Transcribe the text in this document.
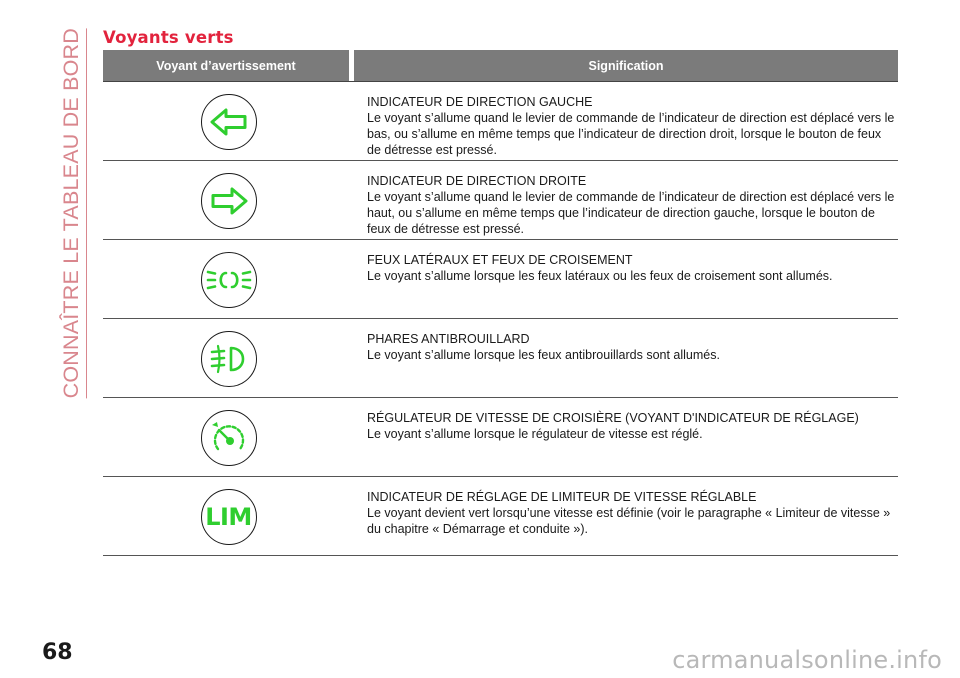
CONNAÎTRE LE TABLEAU DE BORD Voyants verts
Voyant d’avertissement	Signification
INDICATEUR DE DIRECTION GAUCHE
Le voyant s’allume quand le levier de commande de l’indicateur de direction est déplacé vers le bas, ou s’allume en même temps que l’indicateur de direction droit, lorsque le bouton de feux de détresse est pressé.
INDICATEUR DE DIRECTION DROITE
Le voyant s’allume quand le levier de commande de l’indicateur de direction est déplacé vers le haut, ou s’allume en même temps que l’indicateur de direction gauche, lorsque le bouton de feux de détresse est pressé.
FEUX LATÉRAUX ET FEUX DE CROISEMENT
Le voyant s’allume lorsque les feux latéraux ou les feux de croisement sont allumés.
PHARES ANTIBROUILLARD
Le voyant s’allume lorsque les feux antibrouillards sont allumés.
RÉGULATEUR DE VITESSE DE CROISIÈRE (VOYANT D'INDICATEUR DE RÉGLAGE)
Le voyant s’allume lorsque le régulateur de vitesse est réglé.
LIM
INDICATEUR DE RÉGLAGE DE LIMITEUR DE VITESSE RÉGLABLE
Le voyant devient vert lorsqu’une vitesse est définie (voir le paragraphe « Limiteur de vitesse » du chapitre « Démarrage et conduite »).
68	carmanualsonline.info
